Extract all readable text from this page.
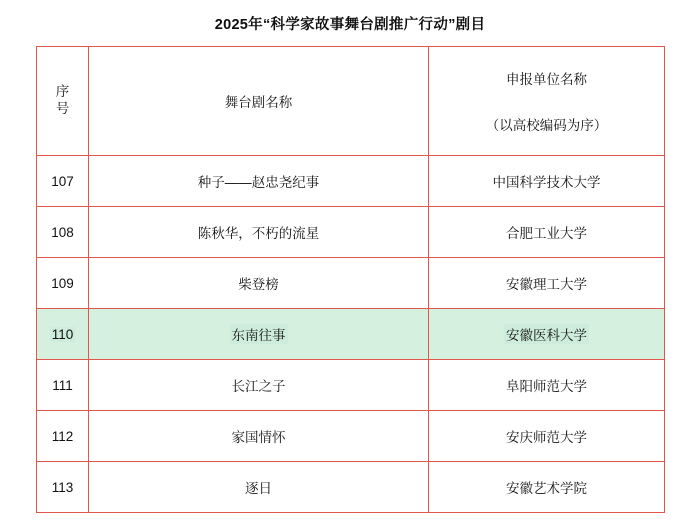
2025年“科学家故事舞台剧推广行动”剧目
序
号	舞台剧名称	申报单位名称
（以高校编码为序）

107	种子——赵忠尧纪事	中国科学技术大学
108	陈秋华，不朽的流星	合肥工业大学
109	柴登榜	安徽理工大学
110	东南往事	安徽医科大学
111	长江之子	阜阳师范大学
112	家国情怀	安庆师范大学
113	逐日	安徽艺术学院
